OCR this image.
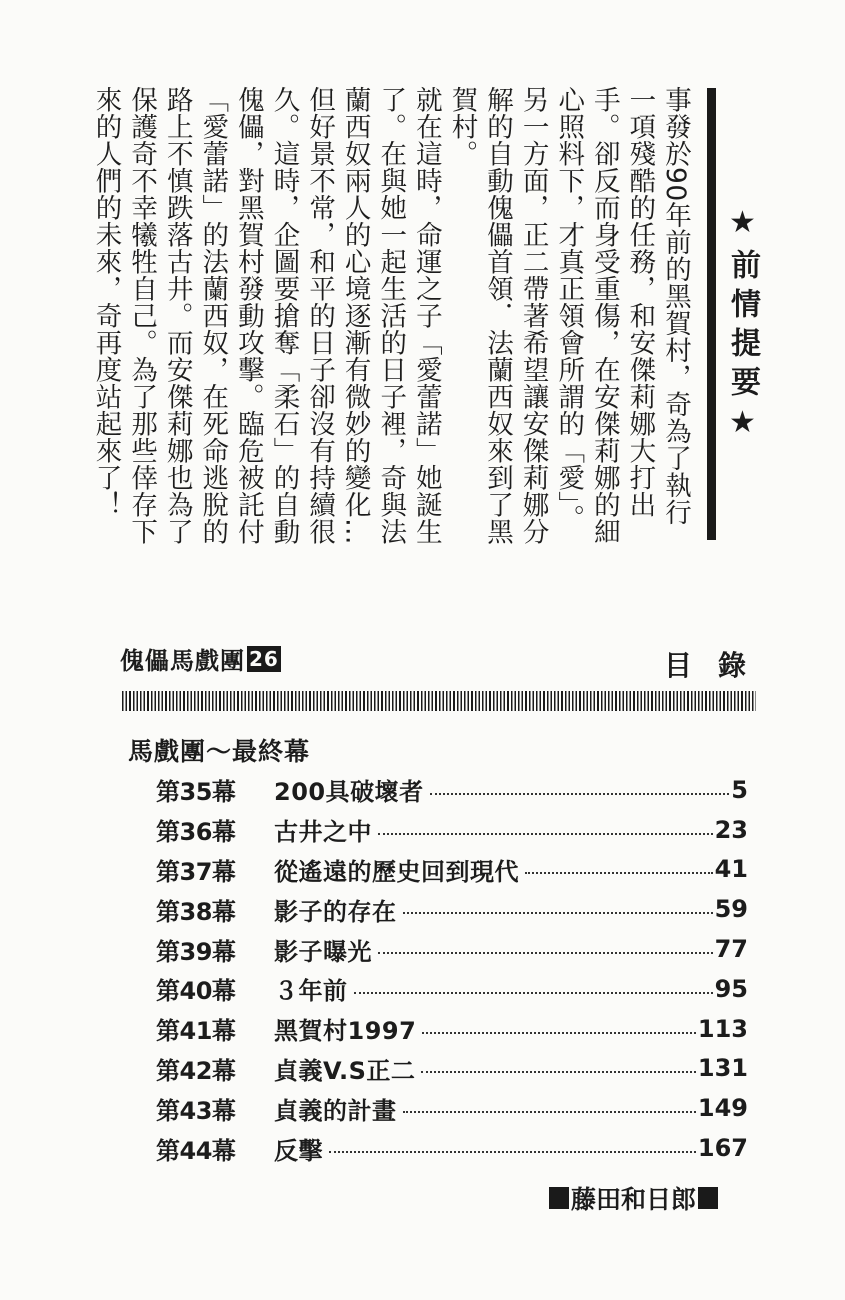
★前情提要★

事發於90年前的黑賀村，奇為了執行一項殘酷的任務，和安傑莉娜大打出手。卻反而身受重傷，在安傑莉娜的細心照料下，才真正領會所謂的「愛」。

另一方面，正二帶著希望讓安傑莉娜分解的自動傀儡首領．法蘭西奴來到了黑賀村。

就在這時，命運之子「愛蕾諾」她誕生了。在與她一起生活的日子裡，奇與法蘭西奴兩人的心境逐漸有微妙的變化…

但好景不常，和平的日子卻沒有持續很久。這時，企圖要搶奪「柔石」的自動傀儡，對黑賀村發動攻擊。臨危被託付「愛蕾諾」的法蘭西奴，在死命逃脫的路上不慎跌落古井。而安傑莉娜也為了保護奇不幸犧牲自己。為了那些倖存下來的人們的未來，奇再度站起來了！

傀儡馬戲團 26	目錄
馬戲團～最終幕
第35幕	200具破壞者	5
第36幕	古井之中	23
第37幕	從遙遠的歷史回到現代	41
第38幕	影子的存在	59
第39幕	影子曝光	77
第40幕	３年前	95
第41幕	黑賀村1997	113
第42幕	貞義V.S正二	131
第43幕	貞義的計畫	149
第44幕	反擊	167
藤田和日郎
